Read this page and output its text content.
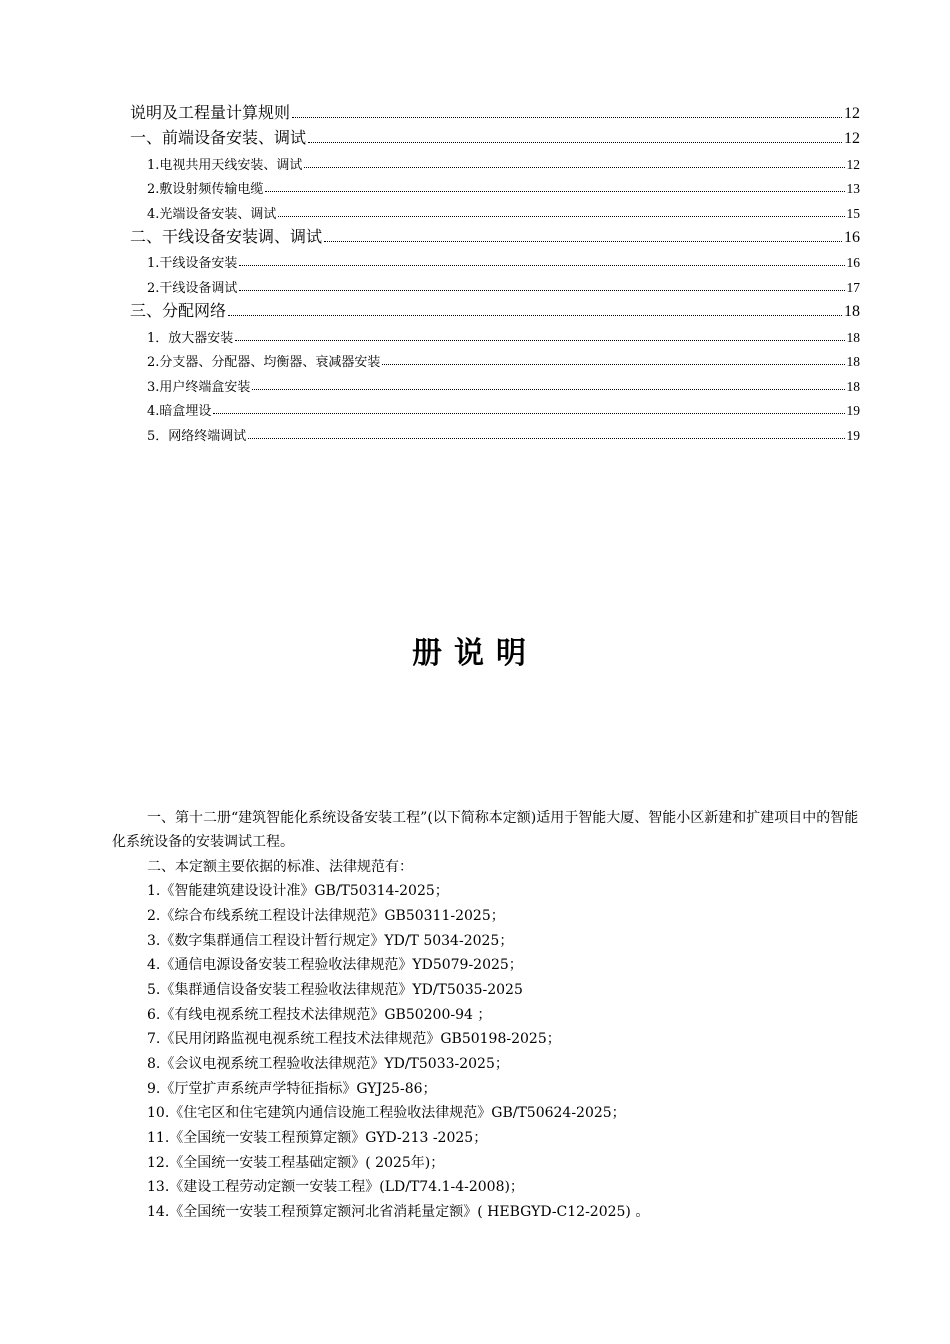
说明及工程量计算规则	12
一、前端设备安装、调试	12
1.电视共用天线安装、调试	12
2.敷设射频传输电缆	13
4.光端设备安装、调试	15
二、干线设备安装调、调试	16
1.干线设备安装	16
2.干线设备调试	17
三、分配网络	18
1．放大器安装	18
2.分支器、分配器、均衡器、衰减器安装	18
3.用户终端盒安装	18
4.暗盒埋设	19
5．网络终端调试	19
册说明

一、第十二册“建筑智能化系统设备安装工程”(以下简称本定额)适用于智能大厦、智能小区新建和扩建项目中的智能化系统设备的安装调试工程。

二、本定额主要依据的标准、法律规范有：

1.《智能建筑建设设计准》GB/T50314-2025；

2.《综合布线系统工程设计法律规范》GB50311-2025；

3.《数字集群通信工程设计暂行规定》YD/T 5034-2025；

4.《通信电源设备安装工程验收法律规范》YD5079-2025；

5.《集群通信设备安装工程验收法律规范》YD/T5035-2025

6.《有线电视系统工程技术法律规范》GB50200-94 ；

7.《民用闭路监视电视系统工程技术法律规范》GB50198-2025；

8.《会议电视系统工程验收法律规范》YD/T5033-2025；

9.《厅堂扩声系统声学特征指标》GYJ25-86；

10.《住宅区和住宅建筑内通信设施工程验收法律规范》GB/T50624-2025；

11.《全国统一安装工程预算定额》GYD-213 -2025；

12.《全国统一安装工程基础定额》( 2025年)；

13.《建设工程劳动定额一安装工程》(LD/T74.1-4-2008)；

14.《全国统一安装工程预算定额河北省消耗量定额》( HEBGYD-C12-2025) 。
